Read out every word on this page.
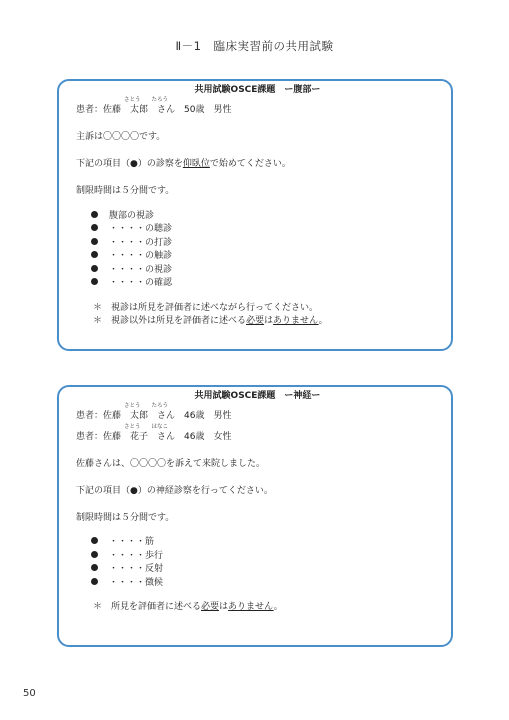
Ⅱ－1　臨床実習前の共用試験
共用試験OSCE課題　ー腹部ー
さとう　　たろう
患者：佐藤　太郎　さん　50歳　男性
主訴は〇〇〇〇です。
下記の項目（●）の診察を仰臥位で始めてください。
制限時間は５分間です。
腹部の視診
・・・・の聴診
・・・・の打診
・・・・の触診
・・・・の視診
・・・・の確認
＊ 視診は所見を評価者に述べながら行ってください。
＊ 視診以外は所見を評価者に述べる必要はありません。
共用試験OSCE課題　ー神経ー
さとう　　たろう
患者：佐藤　太郎　さん　46歳　男性
さとう　　はなこ
患者：佐藤　花子　さん　46歳　女性
佐藤さんは、〇〇〇〇を訴えて来院しました。
下記の項目（●）の神経診察を行ってください。
制限時間は５分間です。
・・・・筋
・・・・歩行
・・・・反射
・・・・徴候
＊ 所見を評価者に述べる必要はありません。
50
